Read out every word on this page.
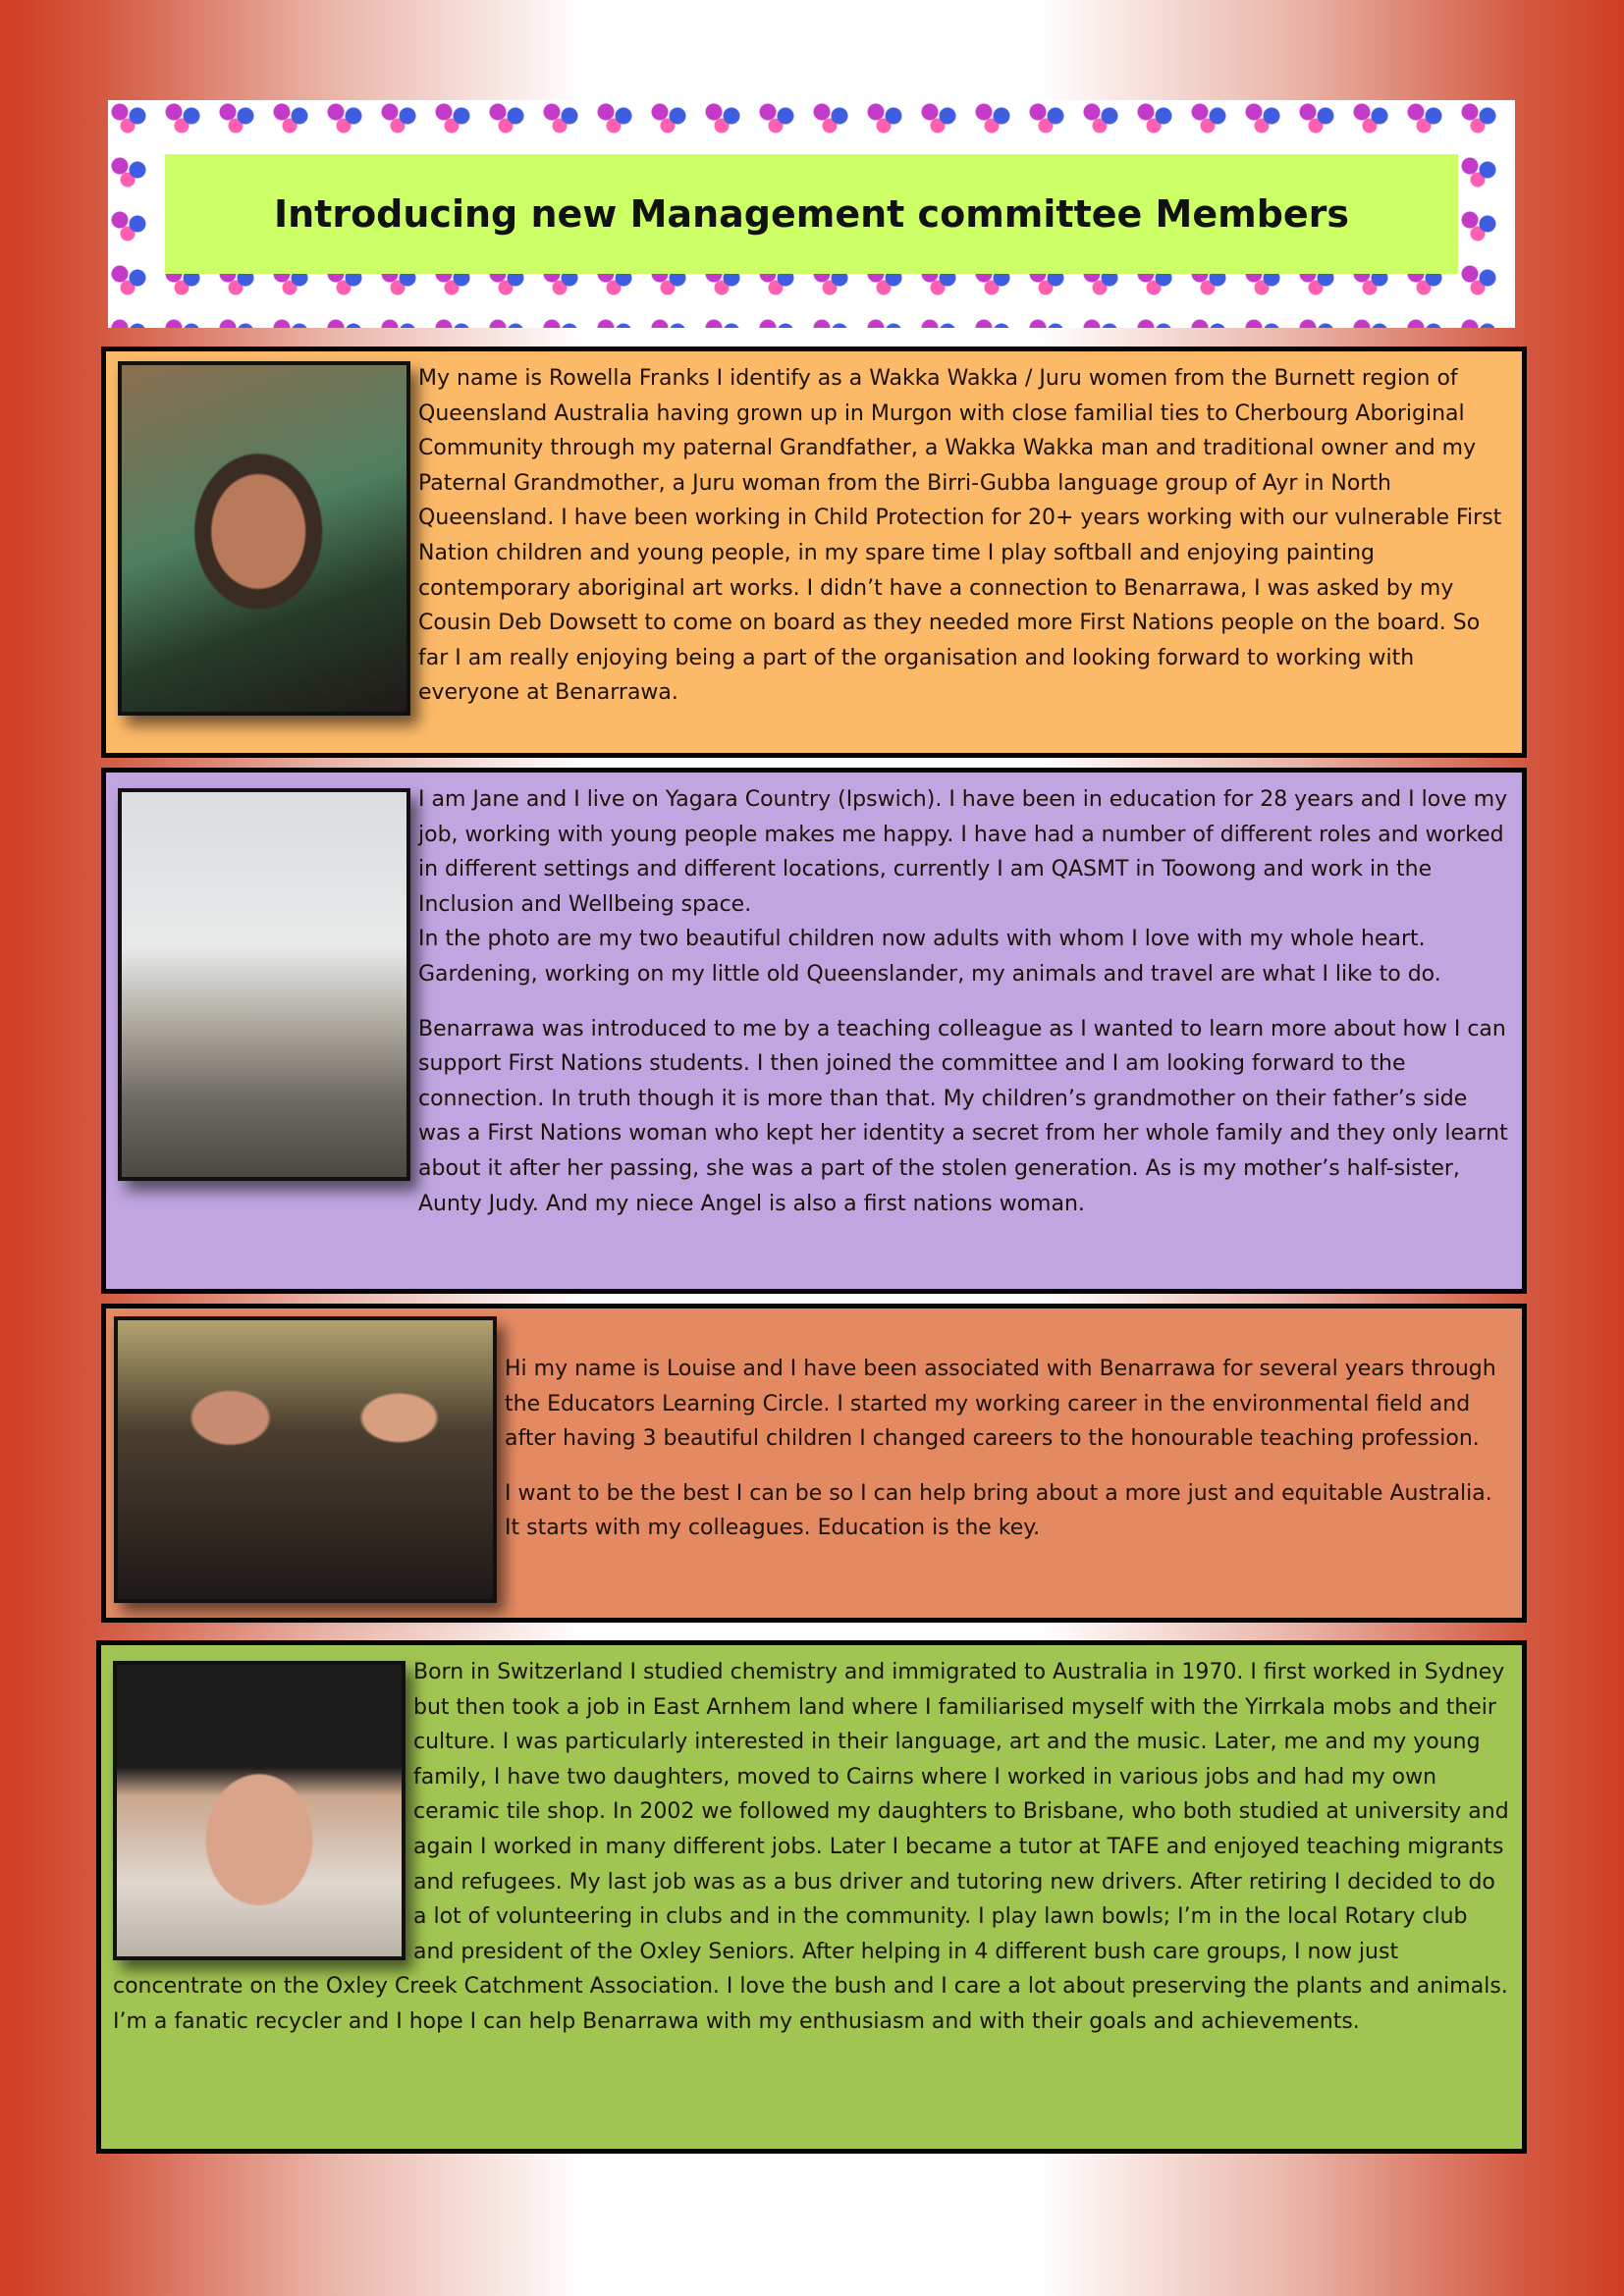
Introducing new Management committee Members

My name is Rowella Franks I identify as a Wakka Wakka / Juru women from the Burnett region of Queensland Australia having grown up in Murgon with close familial ties to Cherbourg Aboriginal Community through my paternal Grandfather, a Wakka Wakka man and traditional owner and my Paternal Grandmother, a Juru woman from the Birri-Gubba language group of Ayr in North Queensland. I have been working in Child Protection for 20+ years working with our vulnerable First Nation children and young people, in my spare time I play softball and enjoying painting contemporary aboriginal art works. I didn’t have a connection to Benarrawa, I was asked by my Cousin Deb Dowsett to come on board as they needed more First Nations people on the board. So far I am really enjoying being a part of the organisation and looking forward to working with everyone at Benarrawa.

I am Jane and I live on Yagara Country (Ipswich). I have been in education for 28 years and I love my job, working with young people makes me happy. I have had a number of different roles and worked in different settings and different locations, currently I am QASMT in Toowong and work in the Inclusion and Wellbeing space.

In the photo are my two beautiful children now adults with whom I love with my whole heart. Gardening, working on my little old Queenslander, my animals and travel are what I like to do.

Benarrawa was introduced to me by a teaching colleague as I wanted to learn more about how I can support First Nations students. I then joined the committee and I am looking forward to the connection. In truth though it is more than that. My children’s grandmother on their father’s side was a First Nations woman who kept her identity a secret from her whole family and they only learnt about it after her passing, she was a part of the stolen generation. As is my mother’s half-sister, Aunty Judy. And my niece Angel is also a first nations woman.

Hi my name is Louise and I have been associated with Benarrawa for several years through the Educators Learning Circle. I started my working career in the environmental field and after having 3 beautiful children I changed careers to the honourable teaching profession.

I want to be the best I can be so I can help bring about a more just and equitable Australia. It starts with my colleagues. Education is the key.

Born in Switzerland I studied chemistry and immigrated to Australia in 1970. I first worked in Sydney but then took a job in East Arnhem land where I familiarised myself with the Yirrkala mobs and their culture. I was particularly interested in their language, art and the music. Later, me and my young family, I have two daughters, moved to Cairns where I worked in various jobs and had my own ceramic tile shop. In 2002 we followed my daughters to Brisbane, who both studied at university and again I worked in many different jobs. Later I became a tutor at TAFE and enjoyed teaching migrants and refugees. My last job was as a bus driver and tutoring new drivers. After retiring I decided to do a lot of volunteering in clubs and in the community. I play lawn bowls; I’m in the local Rotary club and president of the Oxley Seniors. After helping in 4 different bush care groups, I now just concentrate on the Oxley Creek Catchment Association. I love the bush and I care a lot about preserving the plants and animals. I’m a fanatic recycler and I hope I can help Benarrawa with my enthusiasm and with their goals and achievements.
